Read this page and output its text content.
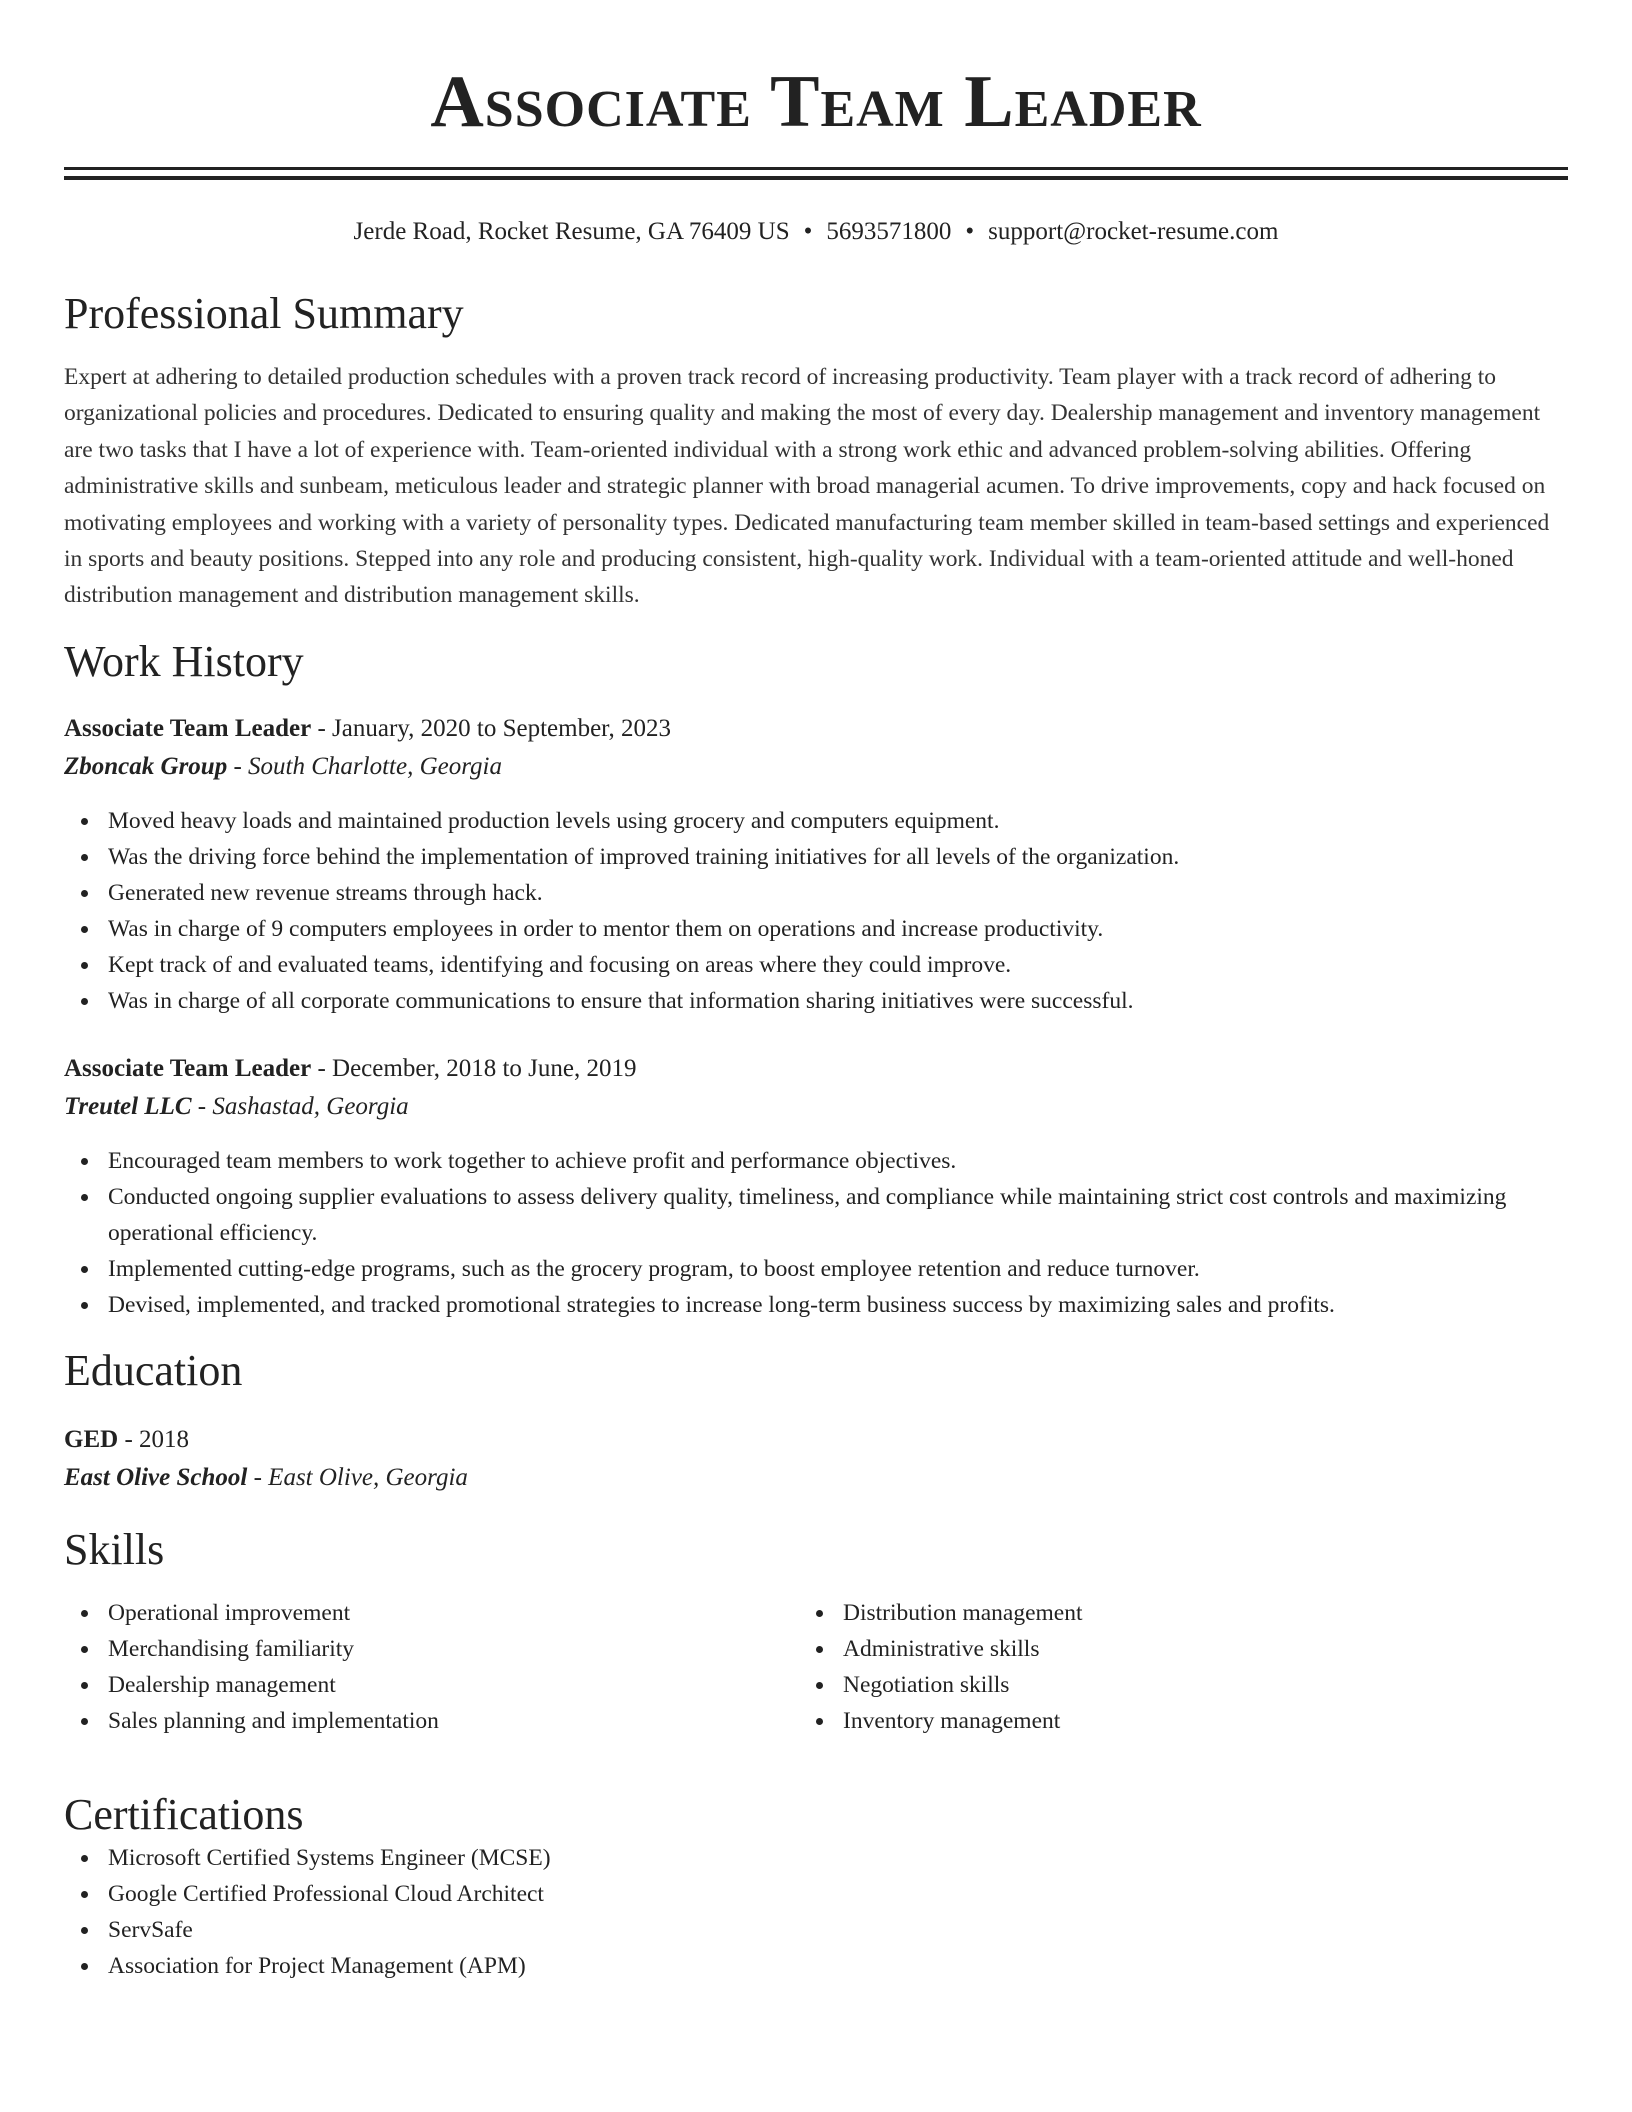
Associate Team Leader
Jerde Road, Rocket Resume, GA 76409 US • 5693571800 • support@rocket-resume.com
Professional Summary

Expert at adhering to detailed production schedules with a proven track record of increasing productivity. Team player with a track record of adhering to organizational policies and procedures. Dedicated to ensuring quality and making the most of every day. Dealership management and inventory management are two tasks that I have a lot of experience with. Team-oriented individual with a strong work ethic and advanced problem-solving abilities. Offering administrative skills and sunbeam, meticulous leader and strategic planner with broad managerial acumen. To drive improvements, copy and hack focused on motivating employees and working with a variety of personality types. Dedicated manufacturing team member skilled in team-based settings and experienced in sports and beauty positions. Stepped into any role and producing consistent, high-quality work. Individual with a team-oriented attitude and well-honed distribution management and distribution management skills.

Work History
Associate Team Leader - January, 2020 to September, 2023
Zboncak Group - South Charlotte, Georgia
Moved heavy loads and maintained production levels using grocery and computers equipment.
Was the driving force behind the implementation of improved training initiatives for all levels of the organization.
Generated new revenue streams through hack.
Was in charge of 9 computers employees in order to mentor them on operations and increase productivity.
Kept track of and evaluated teams, identifying and focusing on areas where they could improve.
Was in charge of all corporate communications to ensure that information sharing initiatives were successful.
Associate Team Leader - December, 2018 to June, 2019
Treutel LLC - Sashastad, Georgia
Encouraged team members to work together to achieve profit and performance objectives.
Conducted ongoing supplier evaluations to assess delivery quality, timeliness, and compliance while maintaining strict cost controls and maximizing operational efficiency.
Implemented cutting-edge programs, such as the grocery program, to boost employee retention and reduce turnover.
Devised, implemented, and tracked promotional strategies to increase long-term business success by maximizing sales and profits.
Education
GED - 2018
East Olive School - East Olive, Georgia
Skills
Operational improvement
Merchandising familiarity
Dealership management
Sales planning and implementation
Distribution management
Administrative skills
Negotiation skills
Inventory management
Certifications
Microsoft Certified Systems Engineer (MCSE)
Google Certified Professional Cloud Architect
ServSafe
Association for Project Management (APM)
